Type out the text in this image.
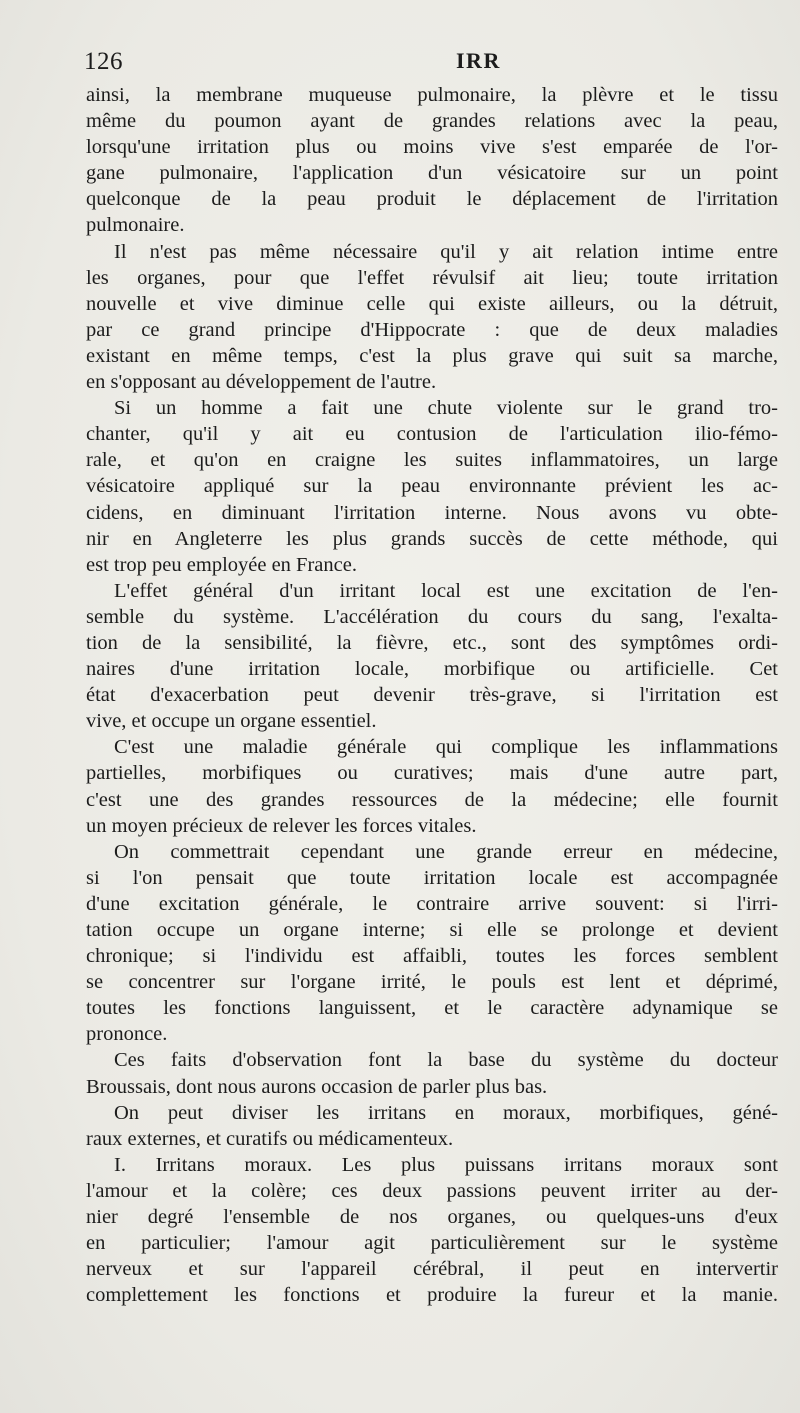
126	IRR
ainsi, la membrane muqueuse pulmonaire, la plèvre et le tissu
même du poumon ayant de grandes relations avec la peau,
lorsqu'une irritation plus ou moins vive s'est emparée de l'or-
gane pulmonaire, l'application d'un vésicatoire sur un point
quelconque de la peau produit le déplacement de l'irritation
pulmonaire.
Il n'est pas même nécessaire qu'il y ait relation intime entre
les organes, pour que l'effet révulsif ait lieu; toute irritation
nouvelle et vive diminue celle qui existe ailleurs, ou la détruit,
par ce grand principe d'Hippocrate : que de deux maladies
existant en même temps, c'est la plus grave qui suit sa marche,
en s'opposant au développement de l'autre.
Si un homme a fait une chute violente sur le grand tro-
chanter, qu'il y ait eu contusion de l'articulation ilio-fémo-
rale, et qu'on en craigne les suites inflammatoires, un large
vésicatoire appliqué sur la peau environnante prévient les ac-
cidens, en diminuant l'irritation interne. Nous avons vu obte-
nir en Angleterre les plus grands succès de cette méthode, qui
est trop peu employée en France.
L'effet général d'un irritant local est une excitation de l'en-
semble du système. L'accélération du cours du sang, l'exalta-
tion de la sensibilité, la fièvre, etc., sont des symptômes ordi-
naires d'une irritation locale, morbifique ou artificielle. Cet
état d'exacerbation peut devenir très-grave, si l'irritation est
vive, et occupe un organe essentiel.
C'est une maladie générale qui complique les inflammations
partielles, morbifiques ou curatives; mais d'une autre part,
c'est une des grandes ressources de la médecine; elle fournit
un moyen précieux de relever les forces vitales.
On commettrait cependant une grande erreur en médecine,
si l'on pensait que toute irritation locale est accompagnée
d'une excitation générale, le contraire arrive souvent: si l'irri-
tation occupe un organe interne; si elle se prolonge et devient
chronique; si l'individu est affaibli, toutes les forces semblent
se concentrer sur l'organe irrité, le pouls est lent et déprimé,
toutes les fonctions languissent, et le caractère adynamique se
prononce.
Ces faits d'observation font la base du système du docteur
Broussais, dont nous aurons occasion de parler plus bas.
On peut diviser les irritans en moraux, morbifiques, géné-
raux externes, et curatifs ou médicamenteux.
I. Irritans moraux. Les plus puissans irritans moraux sont
l'amour et la colère; ces deux passions peuvent irriter au der-
nier degré l'ensemble de nos organes, ou quelques-uns d'eux
en particulier; l'amour agit particulièrement sur le système
nerveux et sur l'appareil cérébral, il peut en intervertir
complettement les fonctions et produire la fureur et la manie.
